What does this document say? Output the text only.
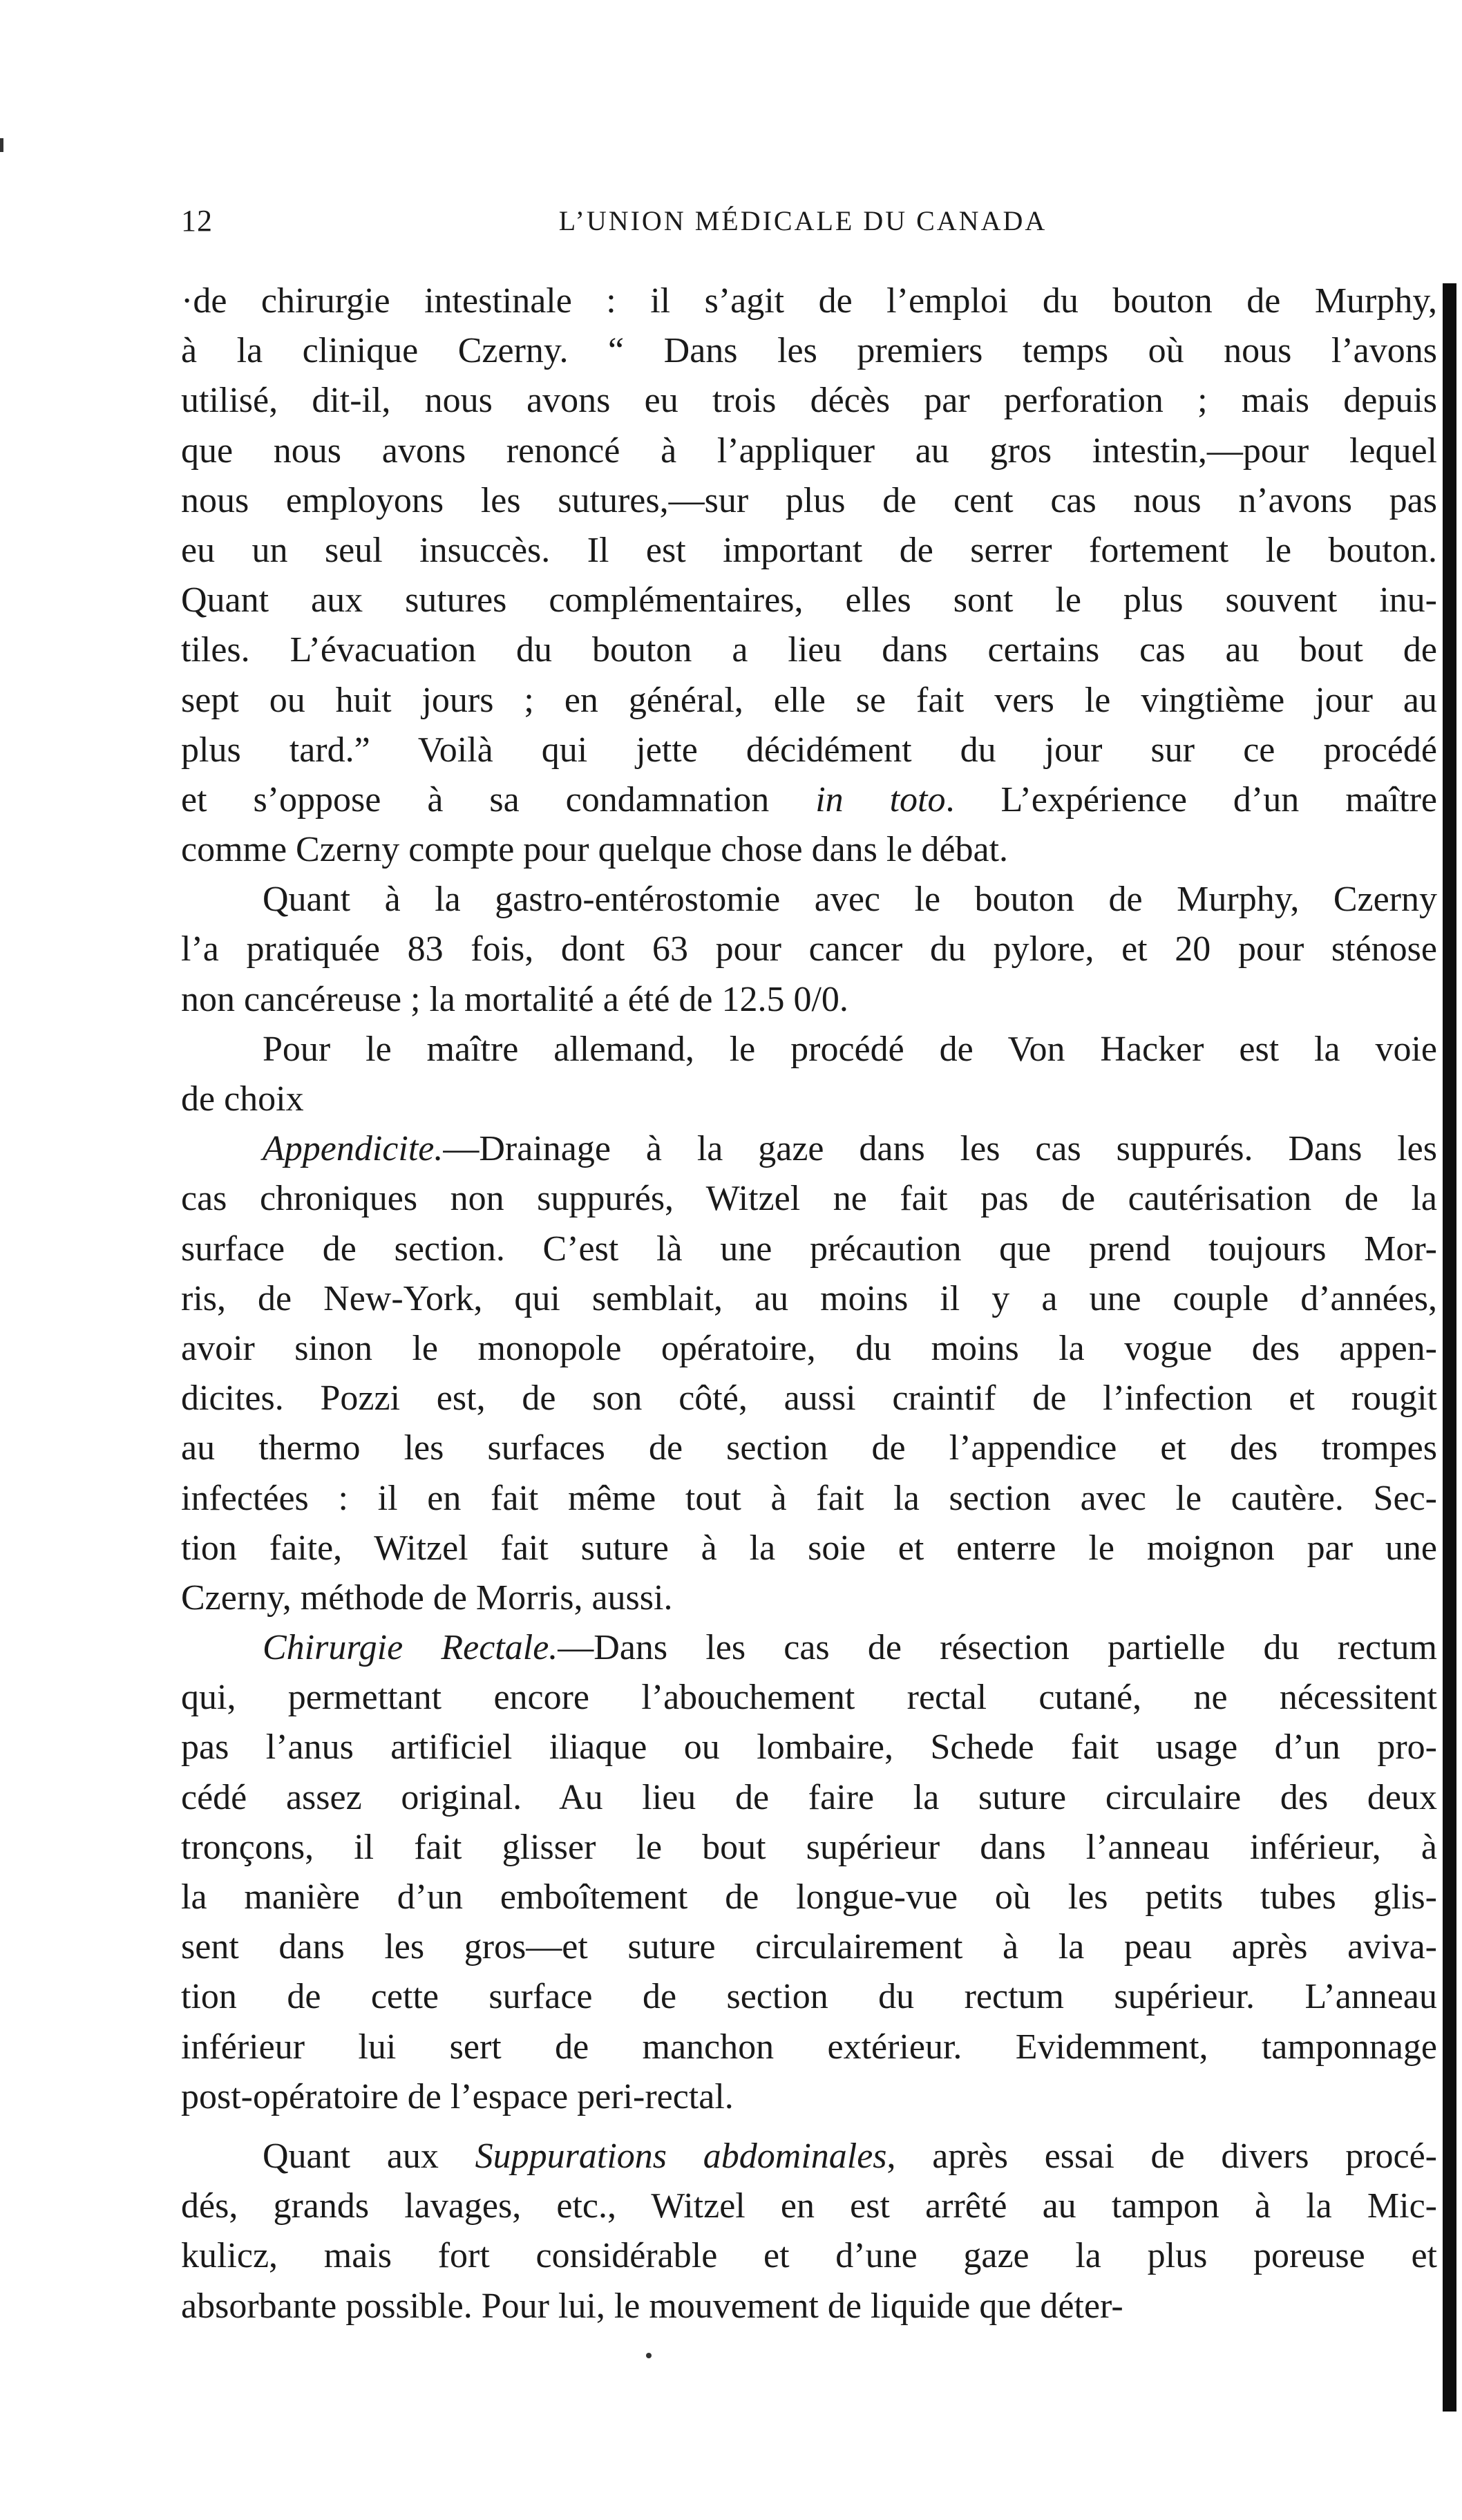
12	L’UNION MÉDICALE DU CANADA
·de chirurgie intestinale : il s’agit de l’emploi du bouton de Murphy,
à la clinique Czerny. “ Dans les premiers temps où nous l’avons
utilisé, dit-il, nous avons eu trois décès par perforation ; mais depuis
que nous avons renoncé à l’appliquer au gros intestin,—pour lequel
nous employons les sutures,—sur plus de cent cas nous n’avons pas
eu un seul insuccès. Il est important de serrer fortement le bouton.
Quant aux sutures complémentaires, elles sont le plus souvent inu-
tiles. L’évacuation du bouton a lieu dans certains cas au bout de
sept ou huit jours ; en général, elle se fait vers le vingtième jour au
plus tard.” Voilà qui jette décidément du jour sur ce procédé
et s’oppose à sa condamnation in toto. L’expérience d’un maître
comme Czerny compte pour quelque chose dans le débat.
Quant à la gastro-entérostomie avec le bouton de Murphy, Czerny
l’a pratiquée 83 fois, dont 63 pour cancer du pylore, et 20 pour sténose
non cancéreuse ; la mortalité a été de 12.5 0/0.
Pour le maître allemand, le procédé de Von Hacker est la voie
de choix
Appendicite.—Drainage à la gaze dans les cas suppurés. Dans les
cas chroniques non suppurés, Witzel ne fait pas de cautérisation de la
surface de section. C’est là une précaution que prend toujours Mor-
ris, de New-York, qui semblait, au moins il y a une couple d’années,
avoir sinon le monopole opératoire, du moins la vogue des appen-
dicites. Pozzi est, de son côté, aussi craintif de l’infection et rougit
au thermo les surfaces de section de l’appendice et des trompes
infectées : il en fait même tout à fait la section avec le cautère. Sec-
tion faite, Witzel fait suture à la soie et enterre le moignon par une
Czerny, méthode de Morris, aussi.
Chirurgie Rectale.—Dans les cas de résection partielle du rectum
qui, permettant encore l’abouchement rectal cutané, ne nécessitent
pas l’anus artificiel iliaque ou lombaire, Schede fait usage d’un pro-
cédé assez original. Au lieu de faire la suture circulaire des deux
tronçons, il fait glisser le bout supérieur dans l’anneau inférieur, à
la manière d’un emboîtement de longue-vue où les petits tubes glis-
sent dans les gros—et suture circulairement à la peau après aviva-
tion de cette surface de section du rectum supérieur. L’anneau
inférieur lui sert de manchon extérieur. Evidemment, tamponnage
post-opératoire de l’espace peri-rectal.
Quant aux Suppurations abdominales, après essai de divers procé-
dés, grands lavages, etc., Witzel en est arrêté au tampon à la Mic-
kulicz, mais fort considérable et d’une gaze la plus poreuse et
absorbante possible. Pour lui, le mouvement de liquide que déter-
